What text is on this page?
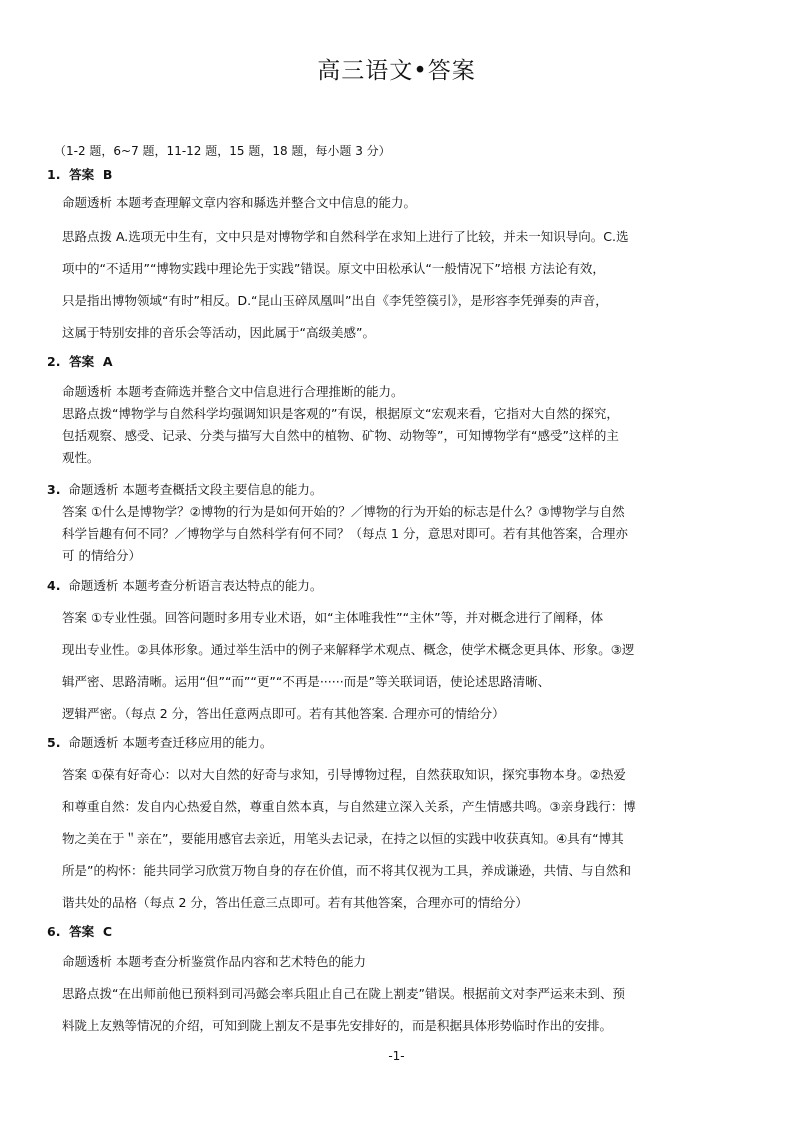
高三语文•答案
（1-2 题，6~7 题，11-12 题，15 题，18 题，每小题 3 分）
1. 答案 B
命题透析 本题考查理解文章内容和縣选并整合文中信息的能力。
思路点拨 A.选项无中生有，文中只是对博物学和自然科学在求知上进行了比较，并未一知识导向。C.选
项中的“不适用”“博物实践中理论先于实践”错误。原文中田松承认“一般情况下”培根 方法论有效，
只是指出博物领域“有时”相反。D.“昆山玉碎凤凰叫”出自《李凭箜篌引》，是形容李凭弹奏的声音，
这属于特别安排的音乐会等活动，因此属于“高级美感”。
2. 答案 A
命题透析 本题考查筛选并整合文中信息进行合理推断的能力。
思路点拨“博物学与自然科学均强调知识是客观的”有误，根据原文“宏观来看，它指对大自然的探究，
包括观察、感受、记录、分类与描写大自然中的植物、矿物、动物等”，可知博物学有“感受”这样的主
观性。
3. 命题透析 本题考查概括文段主要信息的能力。
答案 ①什么是博物学？②博物的行为是如何开始的？／博物的行为开始的标志是什么？③博物学与自然
科学旨趣有何不同？／博物学与自然科学有何不同？（每点 1 分，意思对即可。若有其他答案，合理亦
可 的情给分）
4. 命题透析 本题考查分析语言表达特点的能力。
答案 ①专业性强。回答问题时多用专业术语，如“主体唯我性”“主休”等，并对概念进行了阐释，体
现出专业性。②具体形象。通过举生活中的例子来解释学术观点、概念，使学术概念更具体、形象。③逻
辑严密、思路清晰。运用“但”“而”“更”“不再是······而是”等关联词语，使论述思路清晰、
逻辑严密。（每点 2 分，答出任意两点即可。若有其他答案. 合理亦可的情给分）
5. 命题透析 本题考查迁移应用的能力。
答案 ①葆有好奇心：以对大自然的好奇与求知，引导博物过程，自然获取知识，探究事物本身。②热爱
和尊重自然：发自内心热爱自然，尊重自然本真，与自然建立深入关系，产生情感共鸣。③亲身践行：博
物之美在于＂亲在”，要能用感官去亲近，用笔头去记录，在持之以恒的实践中收获真知。④具有“博其
所是”的构怀：能共同学习欣赏万物自身的存在价值，而不将其仅视为工具，养成谦逊，共情、与自然和
谐共处的品格（每点 2 分，答出任意三点即可。若有其他答案，合理亦可的情给分）
6. 答案 C
命题透析 本题考查分析鉴赏作品内容和艺术特色的能力
思路点拨“在出师前他已预料到司冯懿会率兵阻止自己在陇上割麦”错误。根据前文对李严运来未到、预
料陇上友熟等情况的介绍，可知到陇上割友不是事先安排好的，而是积据具体形势临时作出的安排。
-1-
